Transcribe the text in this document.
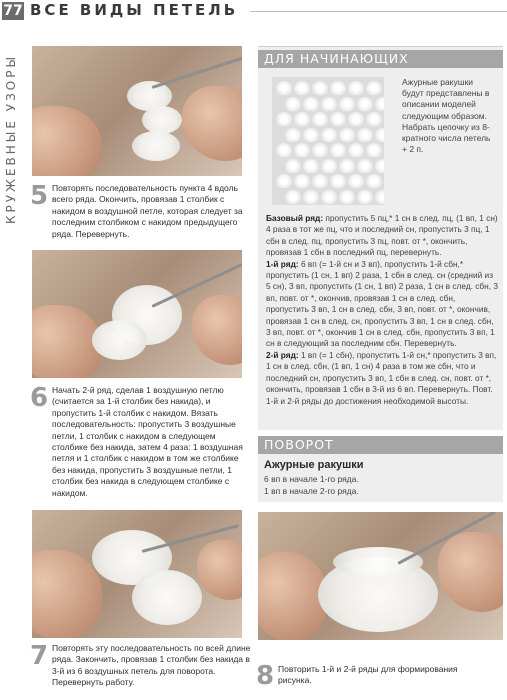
77 ВСЕ ВИДЫ ПЕТЕЛЬ
КРУЖЕВНЫЕ УЗОРЫ 5 Повторять последовательность пункта 4 вдоль всего ряда. Окончить, провязав 1 столбик с накидом в воздушной петле, которая следует за последним столбиком с накидом предыдущего ряда. Перевернуть.
6 Начать 2-й ряд, сделав 1 воздушную петлю (считается за 1-й столбик без накида), и пропустить 1-й столбик с накидом. Вязать последовательность: пропустить 3 воздушные петли, 1 столбик с накидом в следующем столбике без накида, затем 4 раза: 1 воздушная петля и 1 столбик с накидом в том же столбике без накида, пропустить 3 воздушные петли, 1 столбик без накида в следующем столбике с накидом.
7 Повторять эту последовательность по всей длине ряда. Закончить, провязав 1 столбик без накида в 3-й из 6 воздушных петель для поворота. Перевернуть работу.
ДЛЯ НАЧИНАЮЩИХ
Ажурные ракушки будут представлены в описании моделей следующим образом. Набрать цепочку из 8-кратного числа петель + 2 п.
Базовый ряд: пропустить 5 пц,* 1 сн в след. пц, (1 вп, 1 сн) 4 раза в тот же пц, что и последний сн, пропустить 3 пц, 1 сбн в след. пц, пропустить 3 пц, повт. от *, окончить, провязав 1 сбн в последний пц, перевернуть.
1-й ряд: 6 вп (= 1-й сн и 3 вп), пропустить 1-й сбн,* пропустить (1 сн, 1 вп) 2 раза, 1 сбн в след. сн (средний из 5 сн), 3 вп, пропустить (1 сн, 1 вп) 2 раза, 1 сн в след. сбн, 3 вп, повт. от *, окончив, провязав 1 сн в след. сбн, пропустить 3 вп, 1 сн в след. сбн, 3 вп, повт. от *, окончив, провязав 1 сн в след. сн, пропустить 3 вп, 1 сн в след. сбн, 3 вп, повт. от *, окончив 1 сн в след. сбн, пропустить 3 вп, 1 сн в следующий за последним сбн. Перевернуть.
2-й ряд: 1 вп (= 1 сбн), пропустить 1-й сн,* пропустить 3 вп, 1 сн в след. сбн, (1 вп, 1 сн) 4 раза в том же сбн, что и последний сн, пропустить 3 вп, 1 сбн в след. сн, повт. от *, окончить, провязав 1 сбн в 3-й из 6 вп. Перевернуть. Повт. 1-й и 2-й ряды до достижения необходимой высоты.
ПОВОРОТ
Ажурные ракушки
6 вп в начале 1-го ряда.
1 вп в начале 2-го ряда.
8 Повторить 1-й и 2-й ряды для формирования рисунка.
